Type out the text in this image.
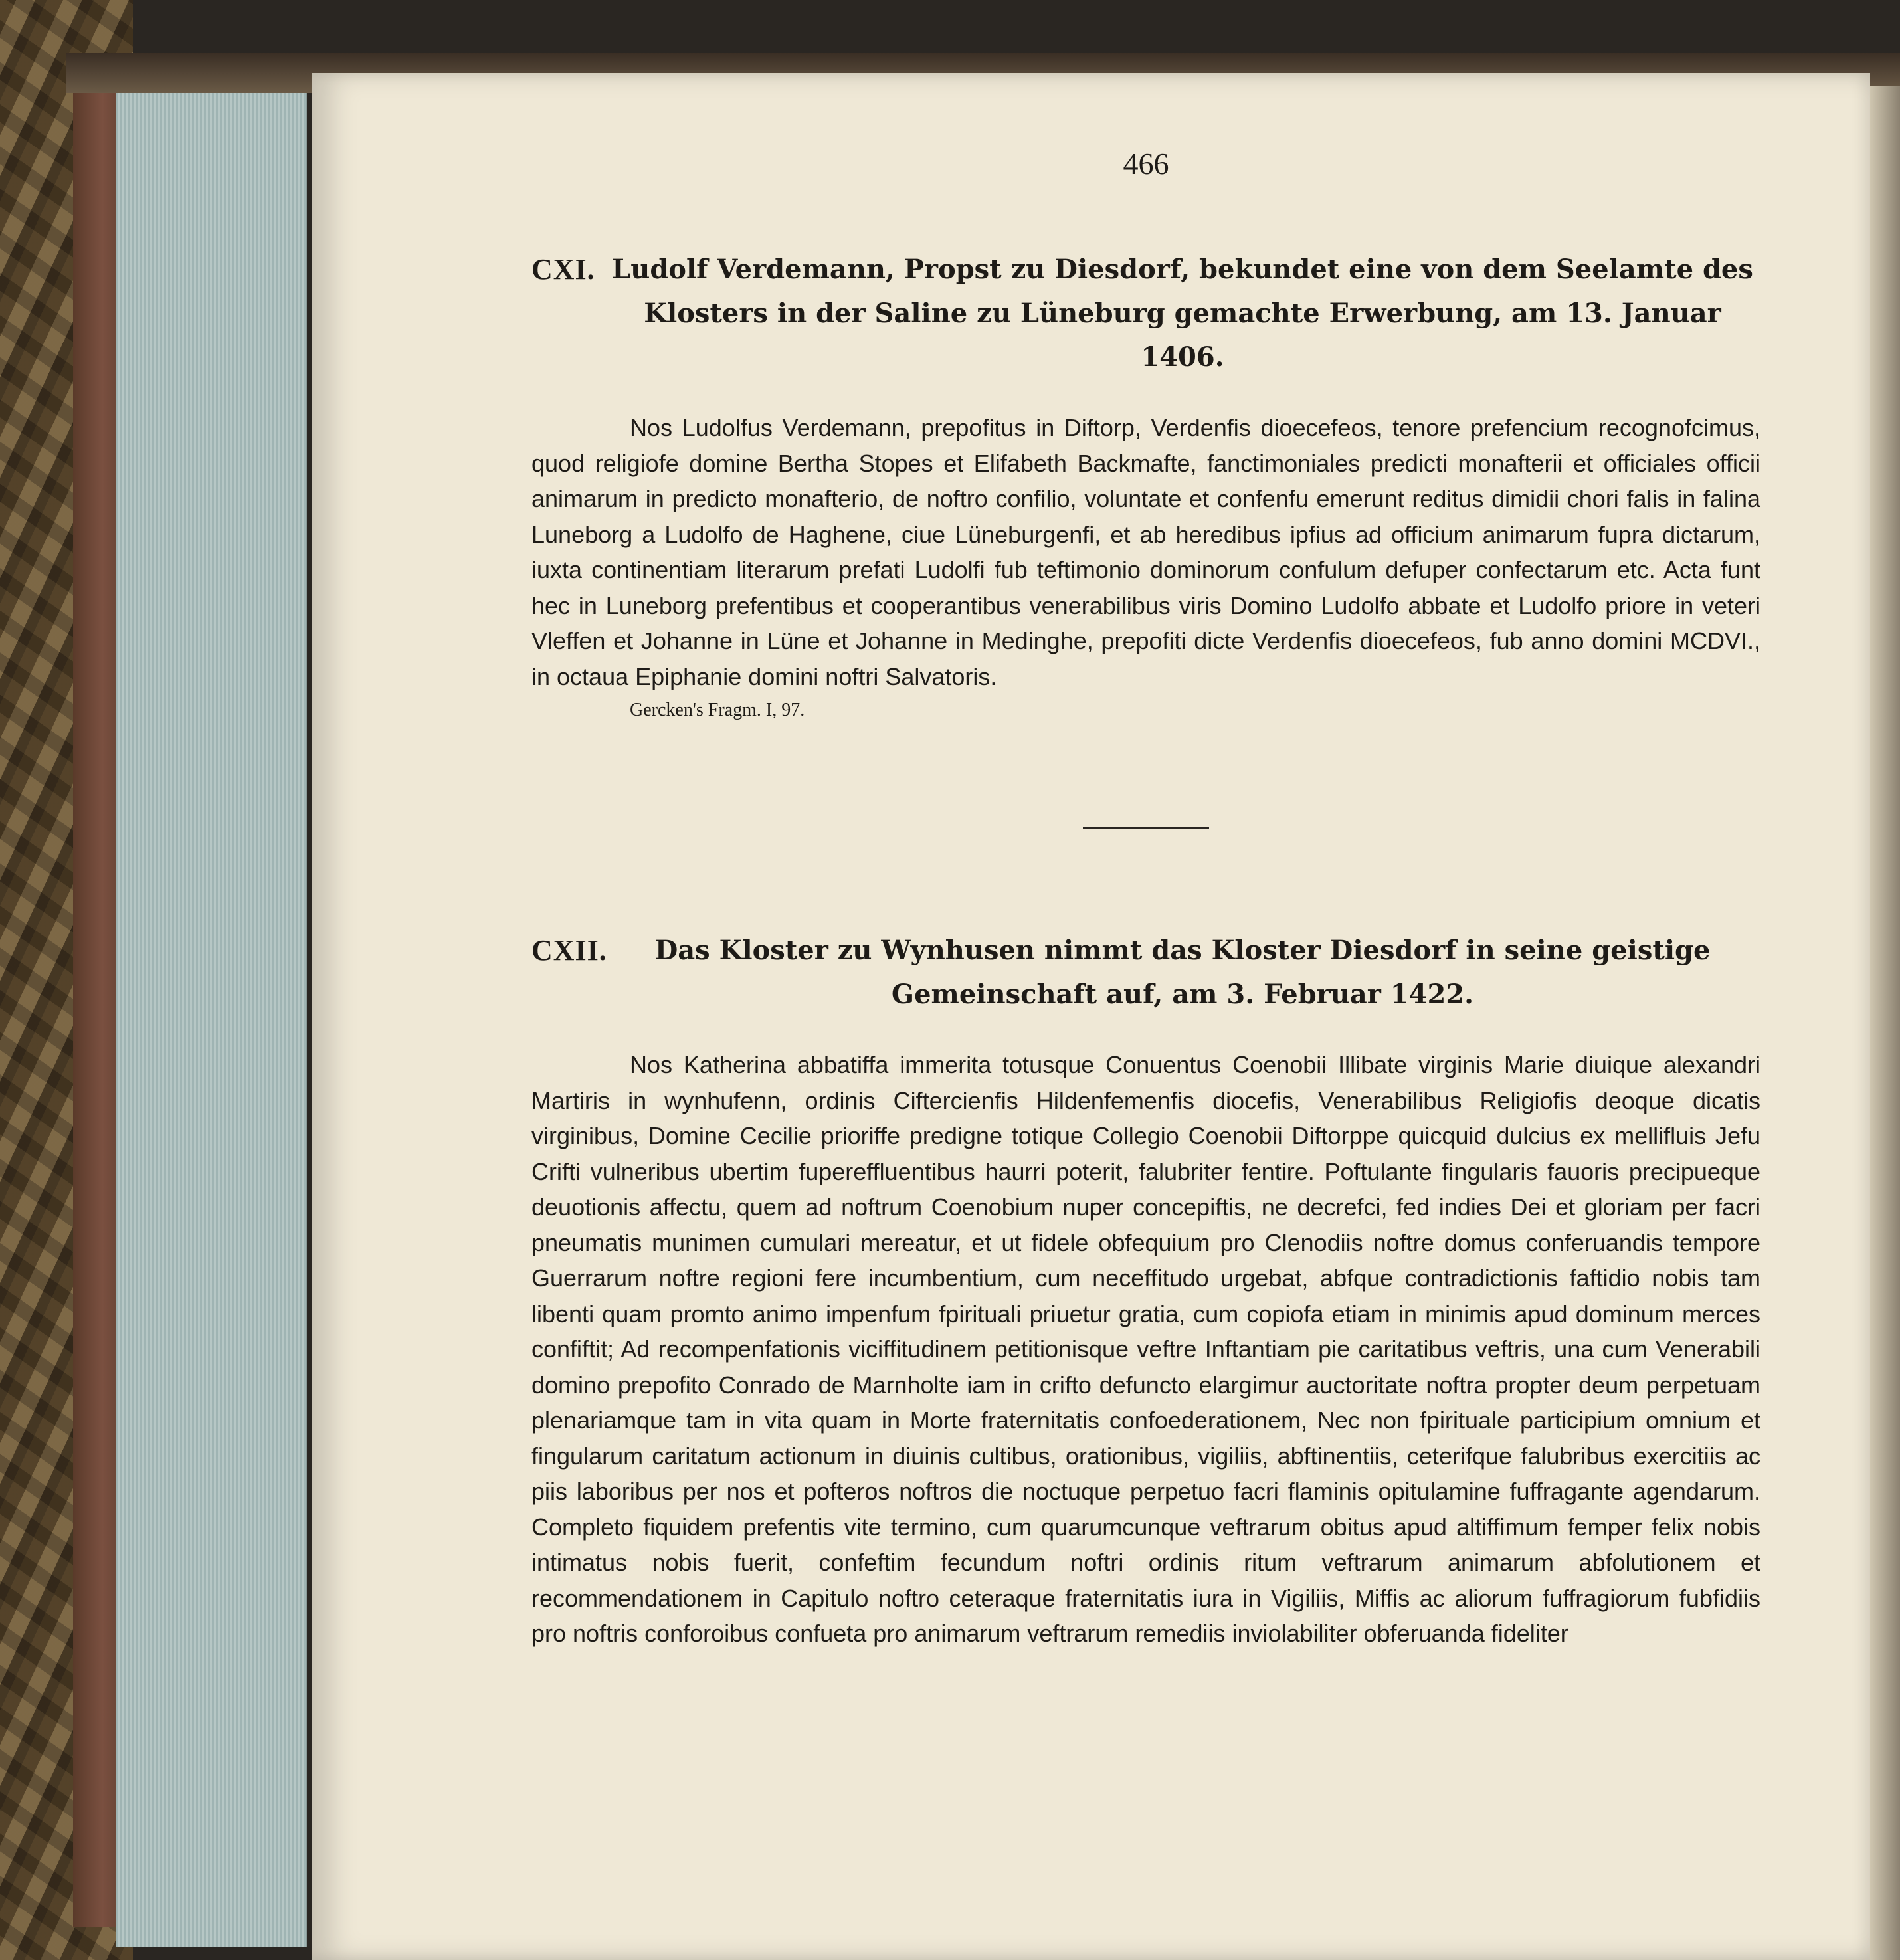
466
CXI. Ludolf Verdemann, Propst zu Diesdorf, bekundet eine von dem Seelamte des Klosters in der Saline zu Lüneburg gemachte Erwerbung, am 13. Januar 1406.

Nos Ludolfus Verdemann, prepofitus in Diftorp, Verdenfis dioecefeos, tenore prefencium recognofcimus, quod religiofe domine Bertha Stopes et Elifabeth Backmafte, fanctimoniales predicti monafterii et officiales officii animarum in predicto monafterio, de noftro confilio, voluntate et confenfu emerunt reditus dimidii chori falis in falina Luneborg a Ludolfo de Haghene, ciue Lüneburgenfi, et ab heredibus ipfius ad officium animarum fupra dictarum, iuxta continentiam literarum prefati Ludolfi fub teftimonio dominorum confulum defuper confectarum etc. Acta funt hec in Luneborg prefentibus et cooperantibus venerabilibus viris Domino Ludolfo abbate et Ludolfo priore in veteri Vleffen et Johanne in Lüne et Johanne in Medinghe, prepofiti dicte Verdenfis dioecefeos, fub anno domini MCDVI., in octaua Epiphanie domini noftri Salvatoris.

Gercken's Fragm. I, 97.
CXII.	Das Kloster zu Wynhusen nimmt das Kloster Diesdorf in seine geistige Gemeinschaft auf, am 3. Februar 1422.

Nos Katherina abbatiffa immerita totusque Conuentus Coenobii Illibate virginis Marie diuique alexandri Martiris in wynhufenn, ordinis Ciftercienfis Hildenfemenfis diocefis, Venerabilibus Religiofis deoque dicatis virginibus, Domine Cecilie prioriffe predigne totique Collegio Coenobii Diftorppe quicquid dulcius ex mellifluis Jefu Crifti vulneribus ubertim fupereffluentibus haurri poterit, falubriter fentire. Poftulante fingularis fauoris precipueque deuotionis affectu, quem ad noftrum Coenobium nuper concepiftis, ne decrefci, fed indies Dei et gloriam per facri pneumatis munimen cumulari mereatur, et ut fidele obfequium pro Clenodiis noftre domus conferuandis tempore Guerrarum noftre regioni fere incumbentium, cum neceffitudo urgebat, abfque contradictionis faftidio nobis tam libenti quam promto animo impenfum fpirituali priuetur gratia, cum copiofa etiam in minimis apud dominum merces confiftit; Ad recompenfationis viciffitudinem petitionisque veftre Inftantiam pie caritatibus veftris, una cum Venerabili domino prepofito Conrado de Marnholte iam in crifto defuncto elargimur auctoritate noftra propter deum perpetuam plenariamque tam in vita quam in Morte fraternitatis confoederationem, Nec non fpirituale participium omnium et fingularum caritatum actionum in diuinis cultibus, orationibus, vigiliis, abftinentiis, ceterifque falubribus exercitiis ac piis laboribus per nos et pofteros noftros die noctuque perpetuo facri flaminis opitulamine fuffragante agendarum. Completo fiquidem prefentis vite termino, cum quarumcunque veftrarum obitus apud altiffimum femper felix nobis intimatus nobis fuerit, confeftim fecundum noftri ordinis ritum veftrarum animarum abfolutionem et recommendationem in Capitulo noftro ceteraque fraternitatis iura in Vigiliis, Miffis ac aliorum fuffragiorum fubfidiis pro noftris conforoibus confueta pro animarum veftrarum remediis inviolabiliter obferuanda fideliter
